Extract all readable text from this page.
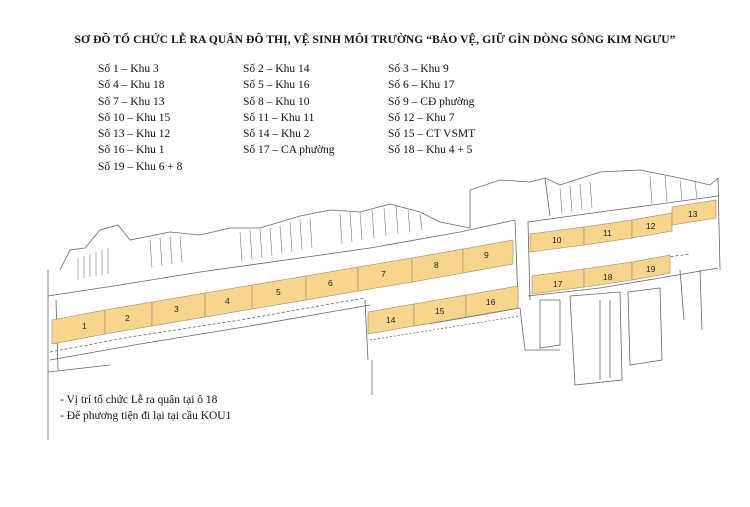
1
2
3
4
5
6
7
8
9
10
11
12
13
14
15
16
17
18
19
SƠ ĐỒ TỔ CHỨC LỄ RA QUÂN ĐÔ THỊ, VỆ SINH MÔI TRƯỜNG “BẢO VỆ, GIỮ GÌN DÒNG SÔNG KIM NGƯU”
Số 1 – Khu 3	Số 2 – Khu 14	Số 3 – Khu 9
Số 4 – Khu 18	Số 5 – Khu 16	Số 6 – Khu 17
Số 7 – Khu 13	Số 8 – Khu 10	Số 9 – CĐ phường
Số 10 – Khu 15	Số 11 – Khu 11	Số 12 – Khu 7
Số 13 – Khu 12	Số 14 – Khu 2	Số 15 – CT VSMT
Số 16 – Khu 1	Số 17 – CA phường	Số 18 – Khu 4 + 5
Số 19 – Khu 6 + 8
- Vị trí tổ chức Lễ ra quân tại ô 18
- Để phương tiện đi lại tại cầu KOU1
